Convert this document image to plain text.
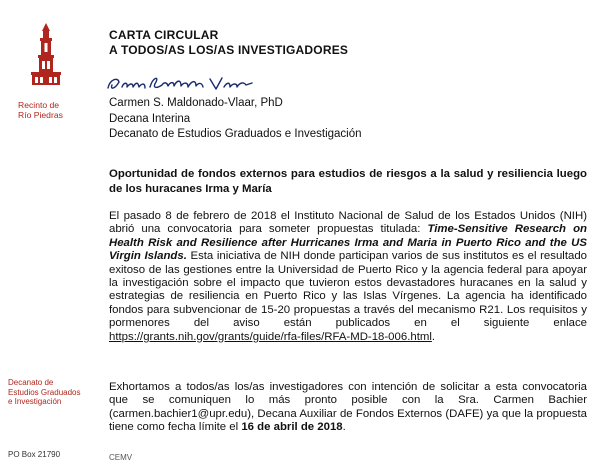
Recinto de
Río Piedras
Decanato de
Estudios Graduados
e Investigación
PO Box 21790
CARTA CIRCULAR
A TODOS/AS LOS/AS INVESTIGADORES
Carmen S. Maldonado-Vlaar, PhD
Decana Interina
Decanato de Estudios Graduados e Investigación
Oportunidad de fondos externos para estudios de riesgos a la salud y resiliencia luego de los huracanes Irma y María
El pasado 8 de febrero de 2018 el Instituto Nacional de Salud de los Estados Unidos (NIH) abrió una convocatoria para someter propuestas titulada: Time-Sensitive Research on Health Risk and Resilience after Hurricanes Irma and Maria in Puerto Rico and the US Virgin Islands. Esta iniciativa de NIH donde participan varios de sus institutos es el resultado exitoso de las gestiones entre la Universidad de Puerto Rico y la agencia federal para apoyar la investigación sobre el impacto que tuvieron estos devastadores huracanes en la salud y estrategias de resiliencia en Puerto Rico y las Islas Vírgenes. La agencia ha identificado fondos para subvencionar de 15-20 propuestas a través del mecanismo R21. Los requisitos y pormenores del aviso están publicados en el siguiente enlace https://grants.nih.gov/grants/guide/rfa-files/RFA-MD-18-006.html.
Exhortamos a todos/as los/as investigadores con intención de solicitar a esta convocatoria que se comuniquen lo más pronto posible con la Sra. Carmen Bachier (carmen.bachier1@upr.edu), Decana Auxiliar de Fondos Externos (DAFE) ya que la propuesta tiene como fecha límite el 16 de abril de 2018.
CEMV
